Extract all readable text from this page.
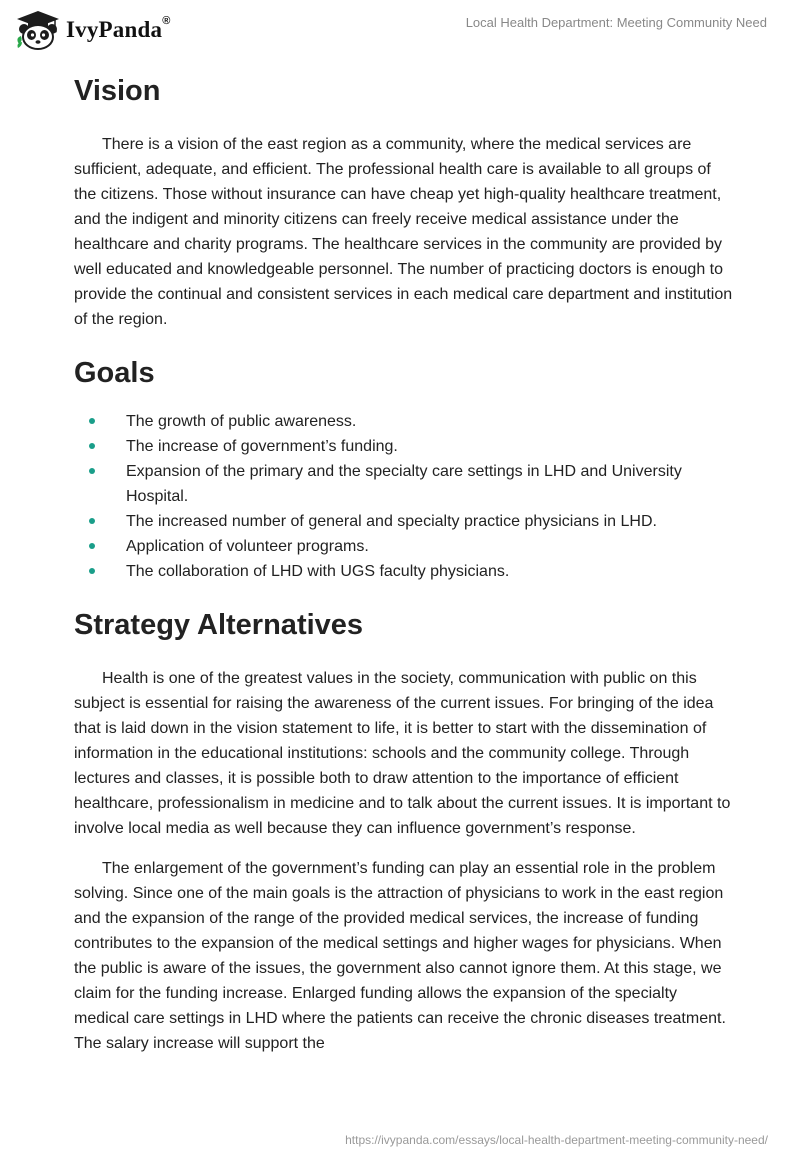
IvyPanda®	Local Health Department: Meeting Community Need
Vision

There is a vision of the east region as a community, where the medical services are sufficient, adequate, and efficient. The professional health care is available to all groups of the citizens. Those without insurance can have cheap yet high-quality healthcare treatment, and the indigent and minority citizens can freely receive medical assistance under the healthcare and charity programs. The healthcare services in the community are provided by well educated and knowledgeable personnel. The number of practicing doctors is enough to provide the continual and consistent services in each medical care department and institution of the region.

Goals
The growth of public awareness.
The increase of government’s funding.
Expansion of the primary and the specialty care settings in LHD and University Hospital.
The increased number of general and specialty practice physicians in LHD.
Application of volunteer programs.
The collaboration of LHD with UGS faculty physicians.
Strategy Alternatives

Health is one of the greatest values in the society, communication with public on this subject is essential for raising the awareness of the current issues. For bringing of the idea that is laid down in the vision statement to life, it is better to start with the dissemination of information in the educational institutions: schools and the community college. Through lectures and classes, it is possible both to draw attention to the importance of efficient healthcare, professionalism in medicine and to talk about the current issues. It is important to involve local media as well because they can influence government’s response.

The enlargement of the government’s funding can play an essential role in the problem solving. Since one of the main goals is the attraction of physicians to work in the east region and the expansion of the range of the provided medical services, the increase of funding contributes to the expansion of the medical settings and higher wages for physicians. When the public is aware of the issues, the government also cannot ignore them. At this stage, we claim for the funding increase. Enlarged funding allows the expansion of the specialty medical care settings in LHD where the patients can receive the chronic diseases treatment. The salary increase will support the

https://ivypanda.com/essays/local-health-department-meeting-community-need/
